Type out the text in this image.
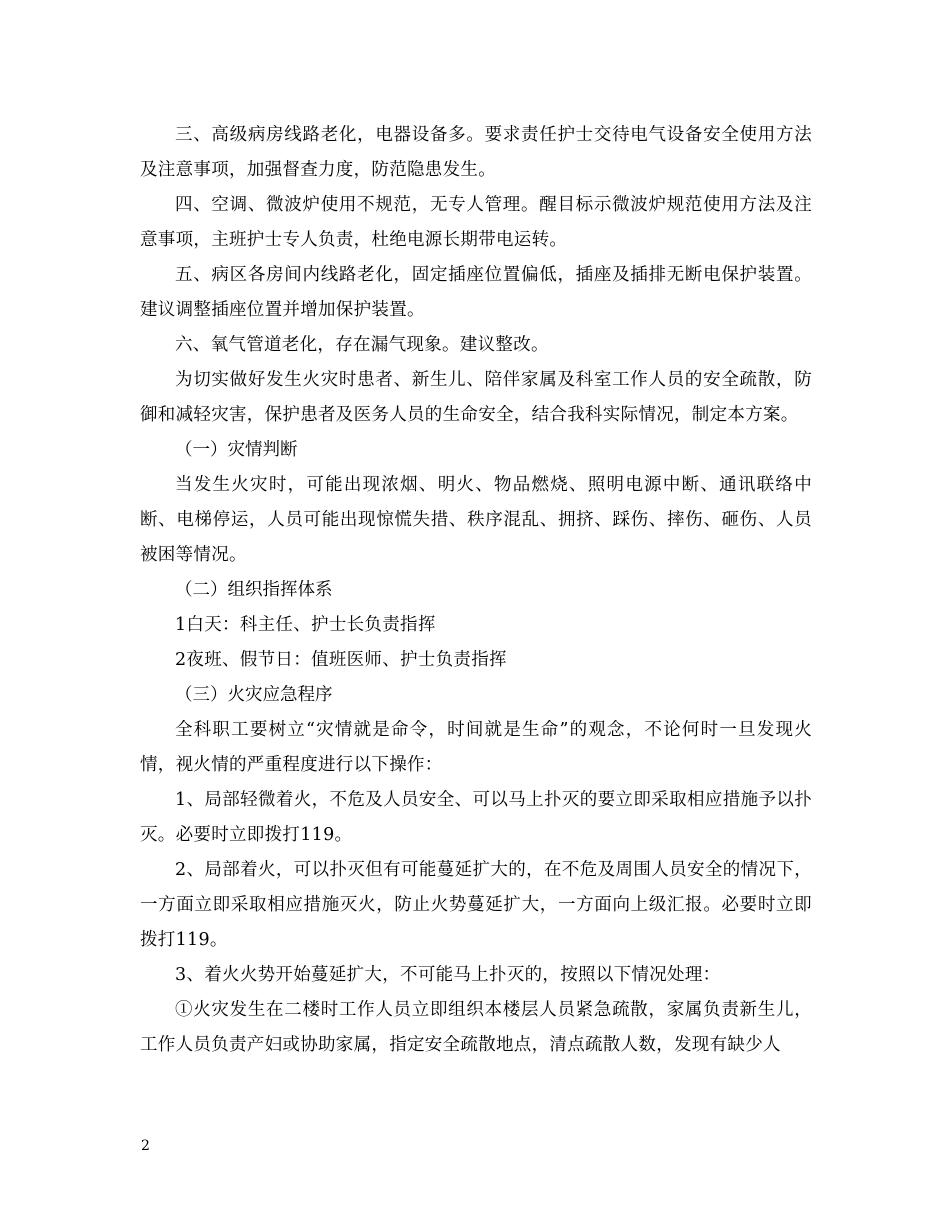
三、高级病房线路老化，电器设备多。要求责任护士交待电气设备安全使用方法及注意事项，加强督查力度，防范隐患发生。

四、空调、微波炉使用不规范，无专人管理。醒目标示微波炉规范使用方法及注意事项，主班护士专人负责，杜绝电源长期带电运转。

五、病区各房间内线路老化，固定插座位置偏低，插座及插排无断电保护装置。建议调整插座位置并增加保护装置。

六、氧气管道老化，存在漏气现象。建议整改。

为切实做好发生火灾时患者、新生儿、陪伴家属及科室工作人员的安全疏散，防御和减轻灾害，保护患者及医务人员的生命安全，结合我科实际情况，制定本方案。

（一）灾情判断

当发生火灾时，可能出现浓烟、明火、物品燃烧、照明电源中断、通讯联络中断、电梯停运，人员可能出现惊慌失措、秩序混乱、拥挤、踩伤、摔伤、砸伤、人员被困等情况。

（二）组织指挥体系

1白天：科主任、护士长负责指挥

2夜班、假节日：值班医师、护士负责指挥

（三）火灾应急程序

全科职工要树立“灾情就是命令，时间就是生命”的观念，不论何时一旦发现火情，视火情的严重程度进行以下操作：

1、局部轻微着火，不危及人员安全、可以马上扑灭的要立即采取相应措施予以扑灭。必要时立即拨打119。

2、局部着火，可以扑灭但有可能蔓延扩大的，在不危及周围人员安全的情况下，一方面立即采取相应措施灭火，防止火势蔓延扩大，一方面向上级汇报。必要时立即拨打119。

3、着火火势开始蔓延扩大，不可能马上扑灭的，按照以下情况处理：

①火灾发生在二楼时工作人员立即组织本楼层人员紧急疏散，家属负责新生儿，工作人员负责产妇或协助家属，指定安全疏散地点，清点疏散人数，发现有缺少人

2
